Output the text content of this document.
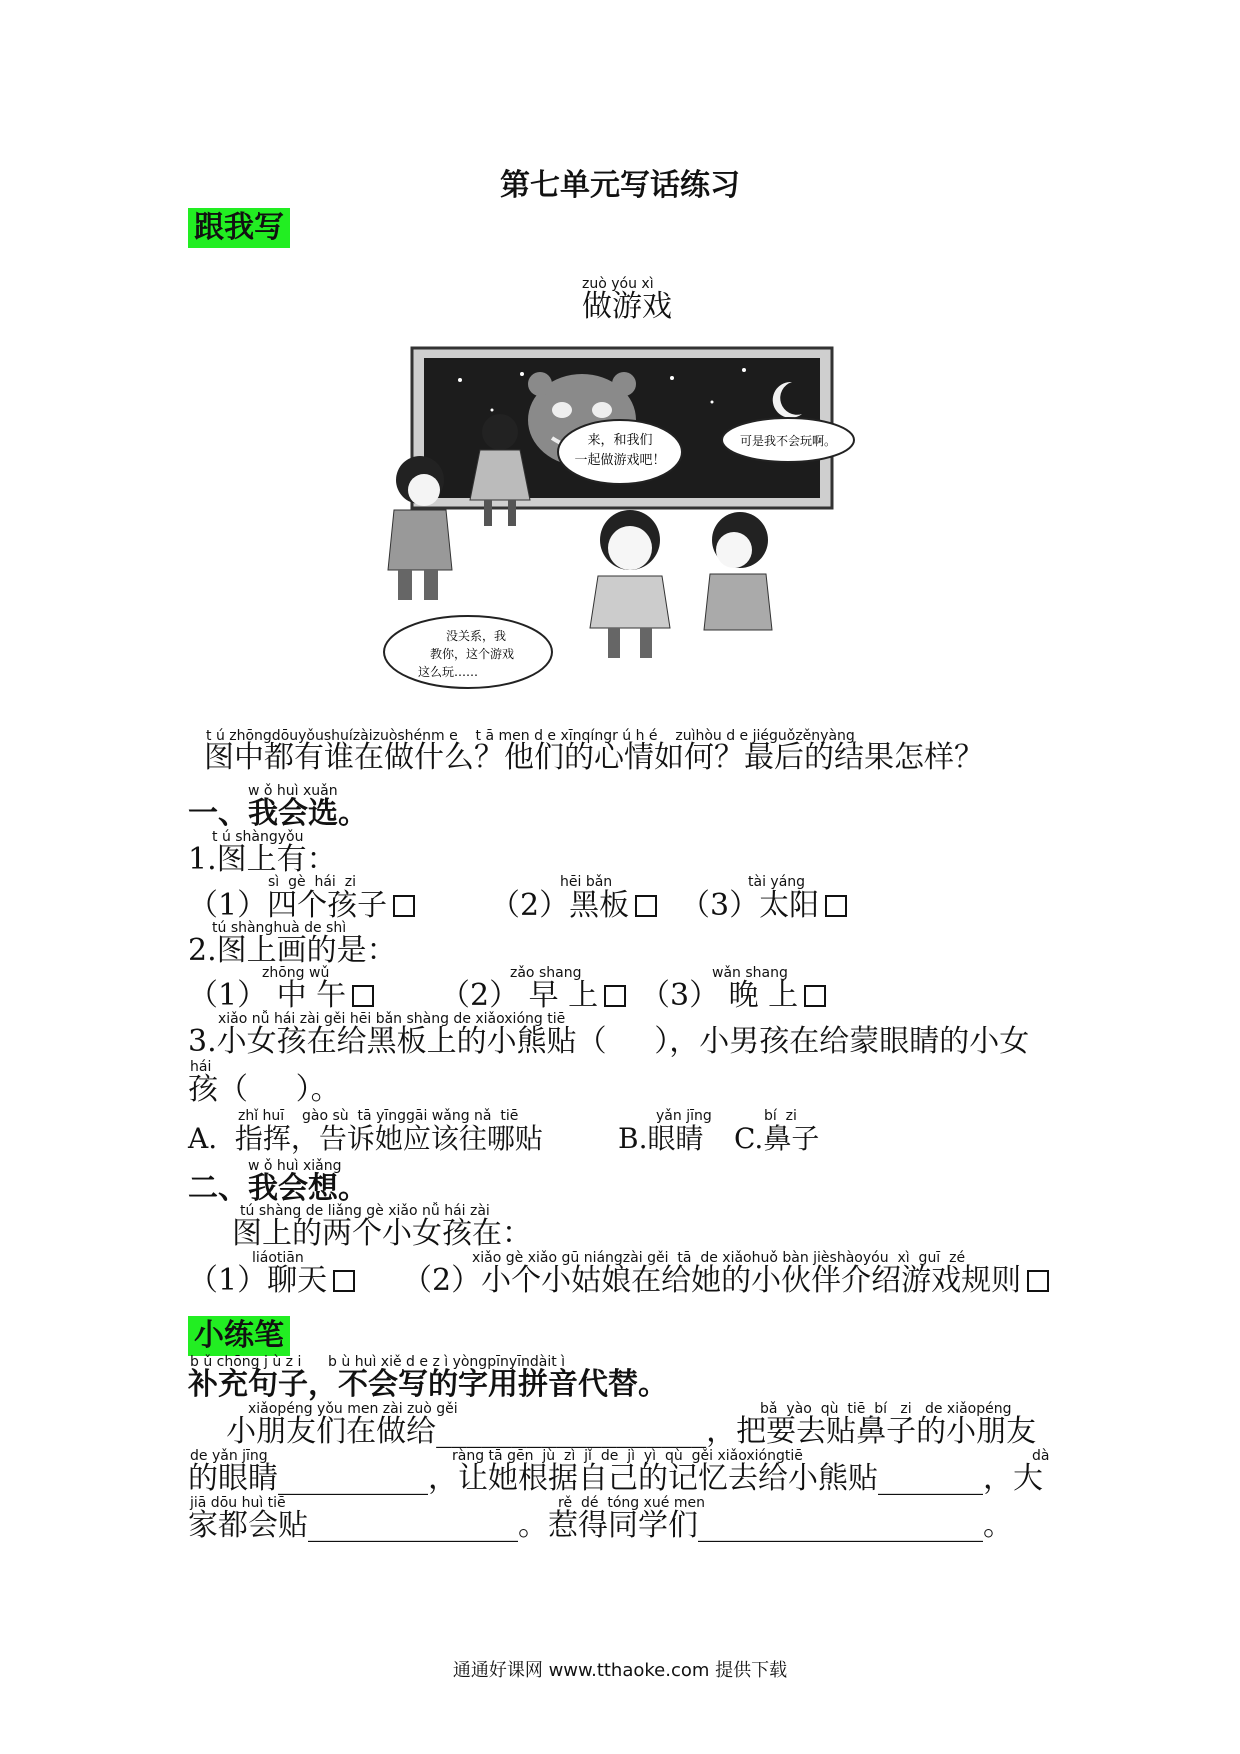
第七单元写话练习
跟我写
zuò yóu xì
做游戏
来，和我们
一起做游戏吧！
可是我不会玩啊。
没关系，我
教你，这个游戏
这么玩……
t ú zhōngdōuyǒushuízàizuòshénm e    t ā men d e xīnqíngr ú h é    zuìhòu d e jiéguǒzěnyàng
图中都有谁在做什么？他们的心情如何？最后的结果怎样？
w ǒ huì xuǎn
一、我会选。
t ú shàngyǒu
1.图上有：
sì  gè  hái  zi	hēi bǎn	tài yáng
（1）四个孩子	（2）黑板	（3）太阳
tú shànghuà de shì
2.图上画的是：
zhōng wǔ	zǎo shang	wǎn shang
（1） 中 午	（2） 早 上	（3） 晚 上
xiǎo nǚ hái zài gěi hēi bǎn shàng de xiǎoxióng tiē
3.小女孩在给黑板上的小熊贴（     ），小男孩在给蒙眼睛的小女
hái
孩（     ）。
zhǐ huī    gào sù  tā yīnggāi wǎng nǎ  tiē	yǎn jīng	bí  zi
A.  指挥，告诉她应该往哪贴	B.眼睛 C.鼻子
w ǒ huì xiǎng
二、我会想。
tú shàng de liǎng gè xiǎo nǚ hái zài
图上的两个小女孩在：
liáotiān	xiǎo gè xiǎo gū niángzài gěi  tā  de xiǎohuǒ bàn jièshàoyóu  xì  guī  zé
（1）聊天	（2）小个小姑娘在给她的小伙伴介绍游戏规则
小练笔
b ǔ chōng j ù z i      b ù huì xiě d e z ì yòngpīnyīndàit ì
补充句子，不会写的字用拼音代替。
xiǎopéng yǒu men zài zuò gěi	bǎ  yào  qù  tiē  bí   zi   de xiǎopéng
小朋友们在做给__________________，把要去贴鼻子的小朋友
de yǎn jīng	ràng tā gēn  jù  zì  jǐ  de  jì  yì  qù  gěi xiǎoxióngtiē	dà
的眼睛__________，让她根据自己的记忆去给小熊贴_______，大
jiā dōu huì tiē	rě  dé  tóng xué men
家都会贴______________。惹得同学们___________________。
通通好课网 www.tthaoke.com 提供下载
